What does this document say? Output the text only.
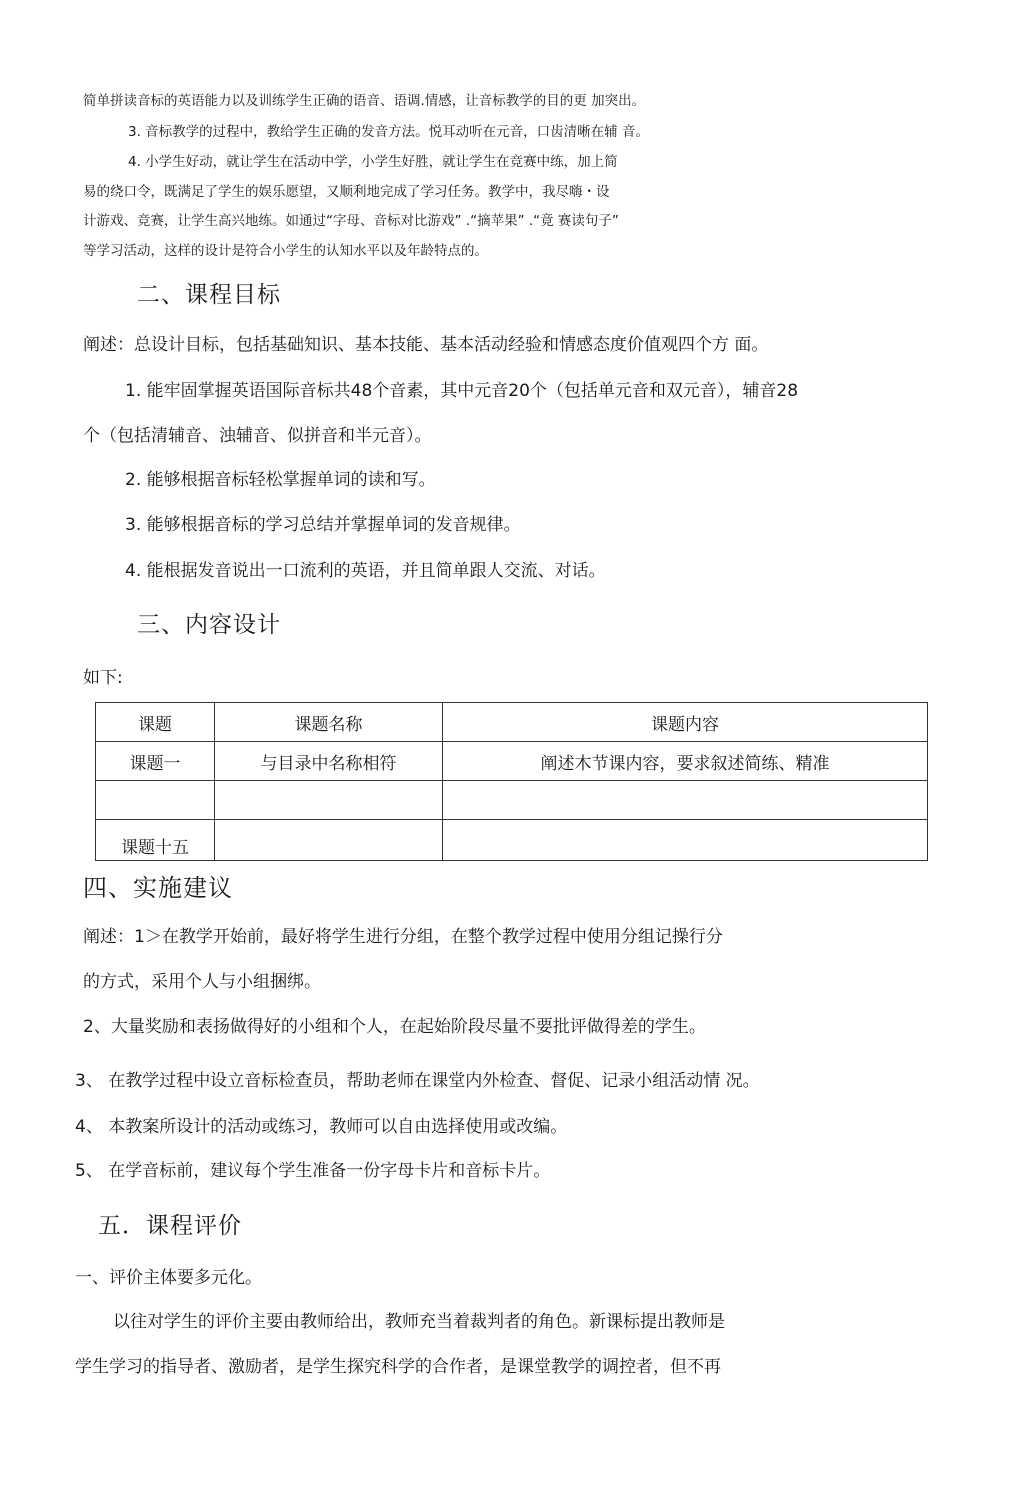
简单拼读音标的英语能力以及训练学生正确的语音、语调.情感，让音标教学的目的更 加突出。
3. 音标教学的过程中，教给学生正确的发音方法。悦耳动听在元音，口齿清晰在辅 音。
4. 小学生好动，就让学生在活动中学，小学生好胜，就让学生在竞赛中练，加上简
易的绕口令，既满足了学生的娱乐愿望，又顺利地完成了学习任务。教学中，我尽嗨・设
计游戏、竞赛，让学生高兴地练。如通过“字母、音标对比游戏” .“摘苹果” .“竟 赛读句子”
等学习活动，这样的设计是符合小学生的认知水平以及年龄特点的。
二、课程目标
阐述：总设计目标，包括基础知识、基本技能、基本活动经验和情感态度价值观四个方 面。
1. 能牢固掌握英语国际音标共48个音素，其中元音20个（包括单元音和双元音），辅音28
个（包括清辅音、浊辅音、似拼音和半元音）。
2. 能够根据音标轻松掌握单词的读和写。
3. 能够根据音标的学习总结并掌握单词的发音规律。
4. 能根据发音说出一口流利的英语，并且简单跟人交流、对话。
三、内容设计
如下:
课题	课题名称	课题内容
课题一	与目录中名称相符	阐述木节课内容，要求叙述简练、精准

课题十五		
四、实施建议
阐述：1＞在教学开始前，最好将学生进行分组，在整个教学过程中使用分组记操行分
的方式，采用个人与小组捆绑。
2、大量奖励和表扬做得好的小组和个人，在起始阶段尽量不要批评做得差的学生。
3、 在教学过程中设立音标检查员，帮助老师在课堂内外检查、督促、记录小组活动情 况。
4、 本教案所设计的活动或练习，教师可以自由选择使用或改编。
5、 在学音标前，建议每个学生准备一份字母卡片和音标卡片。
五．课程评价
一、评价主体要多元化。
以往对学生的评价主要由教师给出，教师充当着裁判者的角色。新课标提出教师是
学生学习的指导者、激励者，是学生探究科学的合作者，是课堂教学的调控者，但不再
